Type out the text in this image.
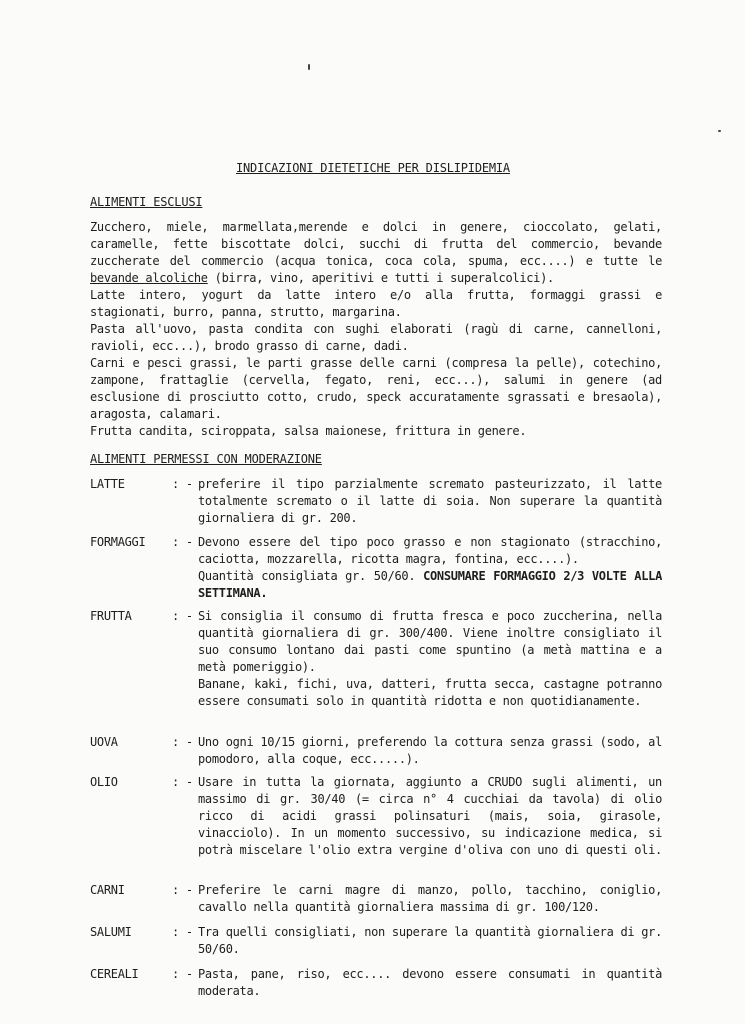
INDICAZIONI DIETETICHE PER DISLIPIDEMIA
ALIMENTI ESCLUSI

Zucchero, miele, marmellata,merende e dolci in genere, cioccolato, gelati, caramelle, fette biscottate dolci, succhi di frutta del commercio, bevande zuccherate del commercio (acqua tonica, coca cola, spuma, ecc....) e tutte le bevande alcoliche (birra, vino, aperitivi e tutti i superalcolici).

Latte intero, yogurt da latte intero e/o alla frutta, formaggi grassi e stagionati, burro, panna, strutto, margarina.

Pasta all'uovo, pasta condita con sughi elaborati (ragù di carne, cannelloni, ravioli, ecc...), brodo grasso di carne, dadi.

Carni e pesci grassi, le parti grasse delle carni (compresa la pelle), cotechino, zampone, frattaglie (cervella, fegato, reni, ecc...), salumi in genere (ad esclusione di prosciutto cotto, crudo, speck accuratamente sgrassati e bresaola), aragosta, calamari.

Frutta candita, sciroppata, salsa maionese, frittura in genere.

ALIMENTI PERMESSI CON MODERAZIONE
LATTE	: - preferire il tipo parzialmente scremato pasteurizzato, il latte totalmente scremato o il latte di soia. Non superare la quantità giornaliera di gr. 200.
FORMAGGI : - Devono essere del tipo poco grasso e non stagionato (stracchino, caciotta, mozzarella, ricotta magra, fontina, ecc....).
Quantità consigliata gr. 50/60. CONSUMARE FORMAGGIO 2/3 VOLTE ALLA SETTIMANA.
FRUTTA	: - Si consiglia il consumo di frutta fresca e poco zuccherina, nella quantità giornaliera di gr. 300/400. Viene inoltre consigliato il suo consumo lontano dai pasti come spuntino (a metà mattina e a metà pomeriggio).
Banane, kaki, fichi, uva, datteri, frutta secca, castagne potranno essere consumati solo in quantità ridotta e non quotidianamente.
UOVA	: - Uno ogni 10/15 giorni, preferendo la cottura senza grassi (sodo, al pomodoro, alla coque, ecc.....).
OLIO	: - Usare in tutta la giornata, aggiunto a CRUDO sugli alimenti, un massimo di gr. 30/40 (= circa n° 4 cucchiai da tavola) di olio ricco di acidi grassi polinsaturi (mais, soia, girasole, vinacciolo). In un momento successivo, su indicazione medica, si potrà miscelare l'olio extra vergine d'oliva con uno di questi oli.
CARNI	: - Preferire le carni magre di manzo, pollo, tacchino, coniglio, cavallo nella quantità giornaliera massima di gr. 100/120.
SALUMI	: - Tra quelli consigliati, non superare la quantità giornaliera di gr. 50/60.
CEREALI	: - Pasta, pane, riso, ecc.... devono essere consumati in quantità moderata.
